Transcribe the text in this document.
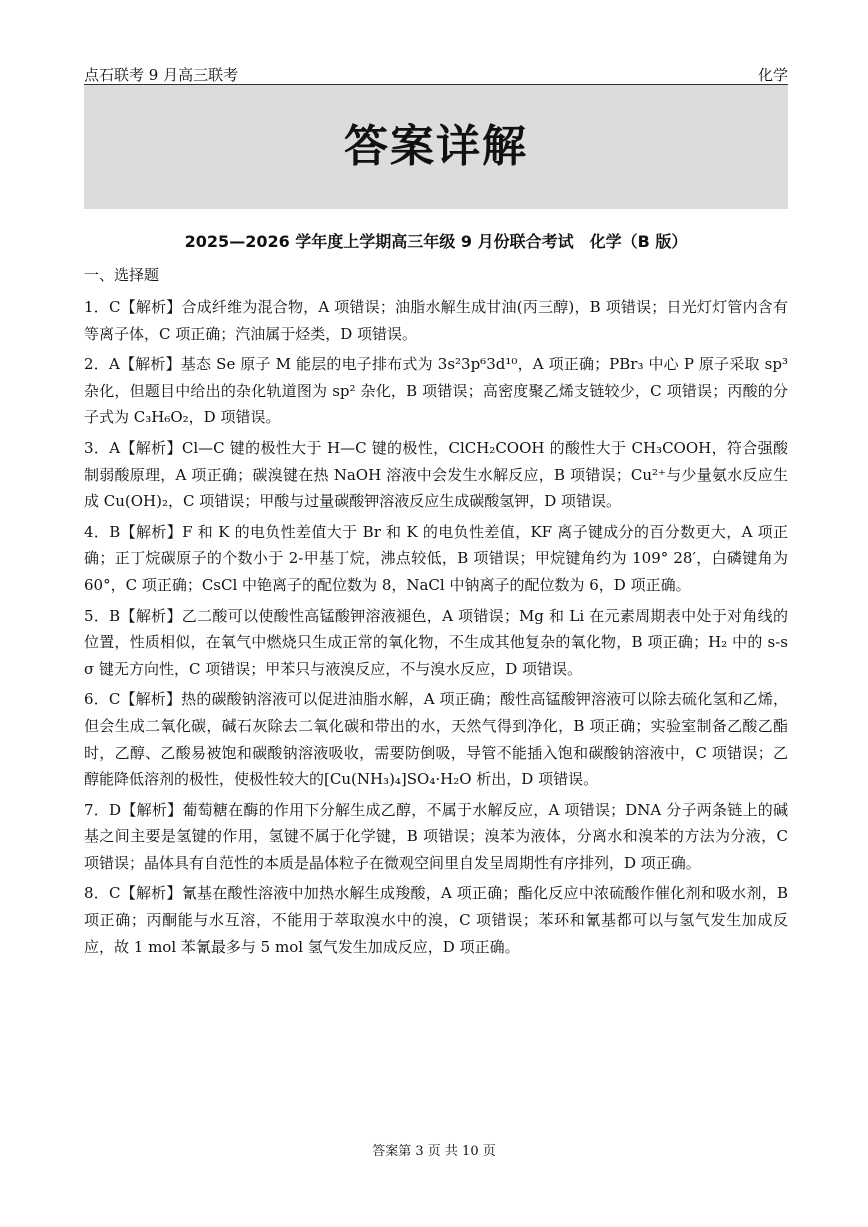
点石联考 9 月高三联考	化学
答案详解
2025—2026 学年度上学期高三年级 9 月份联合考试　化学（B 版）
一、选择题

1．C【解析】合成纤维为混合物，A 项错误；油脂水解生成甘油(丙三醇)，B 项错误；日光灯灯管内含有等离子体，C 项正确；汽油属于烃类，D 项错误。

2．A【解析】基态 Se 原子 M 能层的电子排布式为 3s²3p⁶3d¹⁰，A 项正确；PBr₃ 中心 P 原子采取 sp³ 杂化，但题目中给出的杂化轨道图为 sp² 杂化，B 项错误；高密度聚乙烯支链较少，C 项错误；丙酸的分子式为 C₃H₆O₂，D 项错误。

3．A【解析】Cl—C 键的极性大于 H—C 键的极性，ClCH₂COOH 的酸性大于 CH₃COOH，符合强酸制弱酸原理，A 项正确；碳溴键在热 NaOH 溶液中会发生水解反应，B 项错误；Cu²⁺与少量氨水反应生成 Cu(OH)₂，C 项错误；甲酸与过量碳酸钾溶液反应生成碳酸氢钾，D 项错误。

4．B【解析】F 和 K 的电负性差值大于 Br 和 K 的电负性差值，KF 离子键成分的百分数更大，A 项正确；正丁烷碳原子的个数小于 2-甲基丁烷，沸点较低，B 项错误；甲烷键角约为 109° 28′，白磷键角为 60°，C 项正确；CsCl 中铯离子的配位数为 8，NaCl 中钠离子的配位数为 6，D 项正确。

5．B【解析】乙二酸可以使酸性高锰酸钾溶液褪色，A 项错误；Mg 和 Li 在元素周期表中处于对角线的位置，性质相似，在氧气中燃烧只生成正常的氧化物，不生成其他复杂的氧化物，B 项正确；H₂ 中的 s-s σ 键无方向性，C 项错误；甲苯只与液溴反应，不与溴水反应，D 项错误。

6．C【解析】热的碳酸钠溶液可以促进油脂水解，A 项正确；酸性高锰酸钾溶液可以除去硫化氢和乙烯，但会生成二氧化碳，碱石灰除去二氧化碳和带出的水，天然气得到净化，B 项正确；实验室制备乙酸乙酯时，乙醇、乙酸易被饱和碳酸钠溶液吸收，需要防倒吸，导管不能插入饱和碳酸钠溶液中，C 项错误；乙醇能降低溶剂的极性，使极性较大的[Cu(NH₃)₄]SO₄·H₂O 析出，D 项错误。

7．D【解析】葡萄糖在酶的作用下分解生成乙醇，不属于水解反应，A 项错误；DNA 分子两条链上的碱基之间主要是氢键的作用，氢键不属于化学键，B 项错误；溴苯为液体，分离水和溴苯的方法为分液，C 项错误；晶体具有自范性的本质是晶体粒子在微观空间里自发呈周期性有序排列，D 项正确。

8．C【解析】氰基在酸性溶液中加热水解生成羧酸，A 项正确；酯化反应中浓硫酸作催化剂和吸水剂，B 项正确；丙酮能与水互溶，不能用于萃取溴水中的溴，C 项错误；苯环和氰基都可以与氢气发生加成反应，故 1 mol 苯氰最多与 5 mol 氢气发生加成反应，D 项正确。

答案第 3 页 共 10 页
